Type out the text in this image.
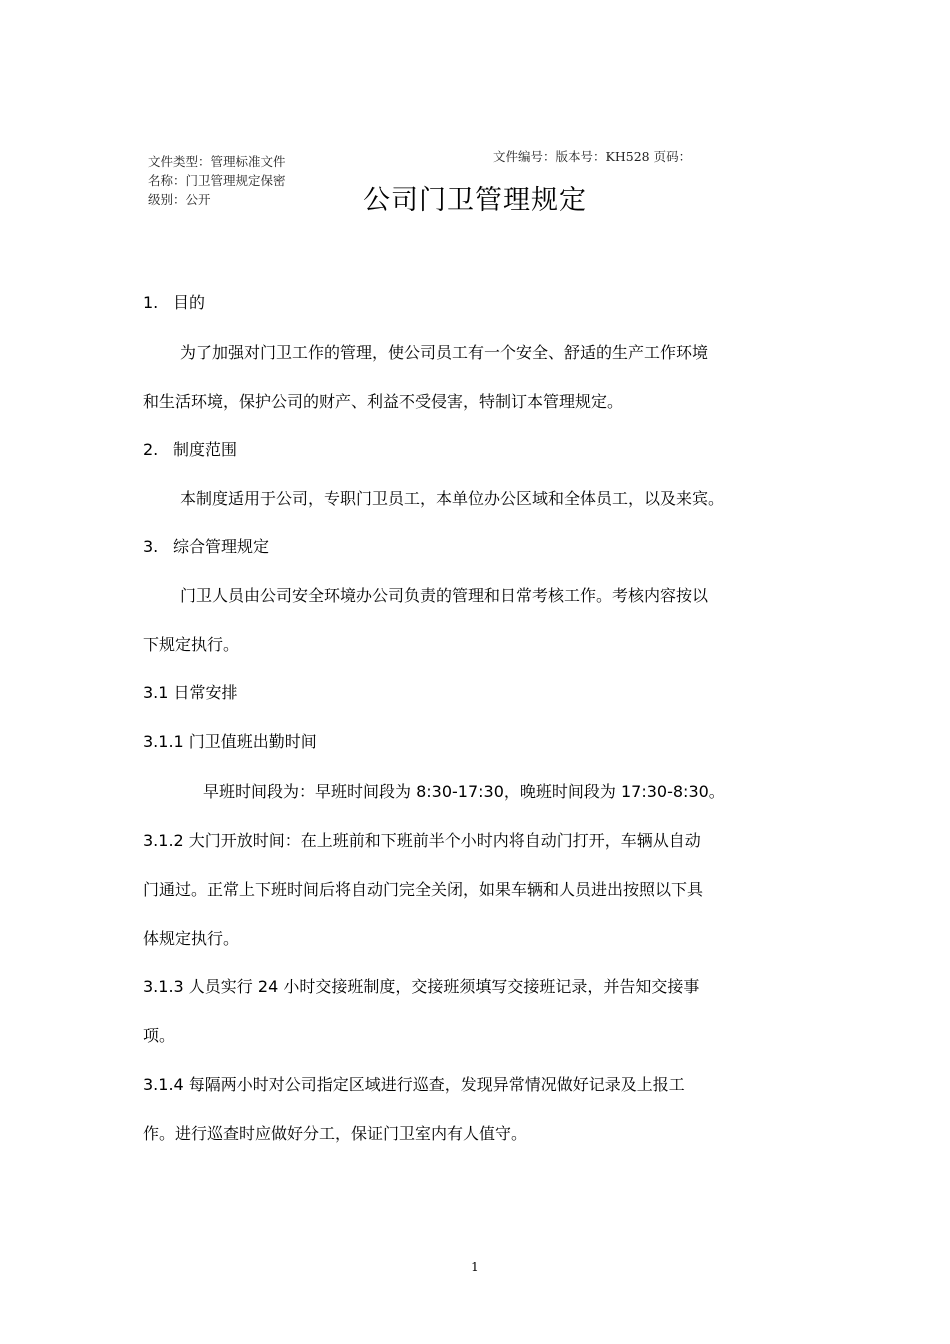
文件类型：管理标准文件
名称：门卫管理规定保密
级别：公开
文件编号：版本号：KH528 页码：
公司门卫管理规定
1. 目的
为了加强对门卫工作的管理，使公司员工有一个安全、舒适的生产工作环境
和生活环境，保护公司的财产、利益不受侵害，特制订本管理规定。
2. 制度范围
本制度适用于公司，专职门卫员工，本单位办公区域和全体员工，以及来宾。
3. 综合管理规定
门卫人员由公司安全环境办公司负责的管理和日常考核工作。考核内容按以
下规定执行。
3.1 日常安排
3.1.1 门卫值班出勤时间
早班时间段为：早班时间段为 8:30-17:30，晚班时间段为 17:30-8:30。
3.1.2 大门开放时间：在上班前和下班前半个小时内将自动门打开，车辆从自动
门通过。正常上下班时间后将自动门完全关闭，如果车辆和人员进出按照以下具
体规定执行。
3.1.3 人员实行 24 小时交接班制度，交接班须填写交接班记录，并告知交接事
项。
3.1.4 每隔两小时对公司指定区域进行巡查，发现异常情况做好记录及上报工
作。进行巡查时应做好分工，保证门卫室内有人值守。
1
